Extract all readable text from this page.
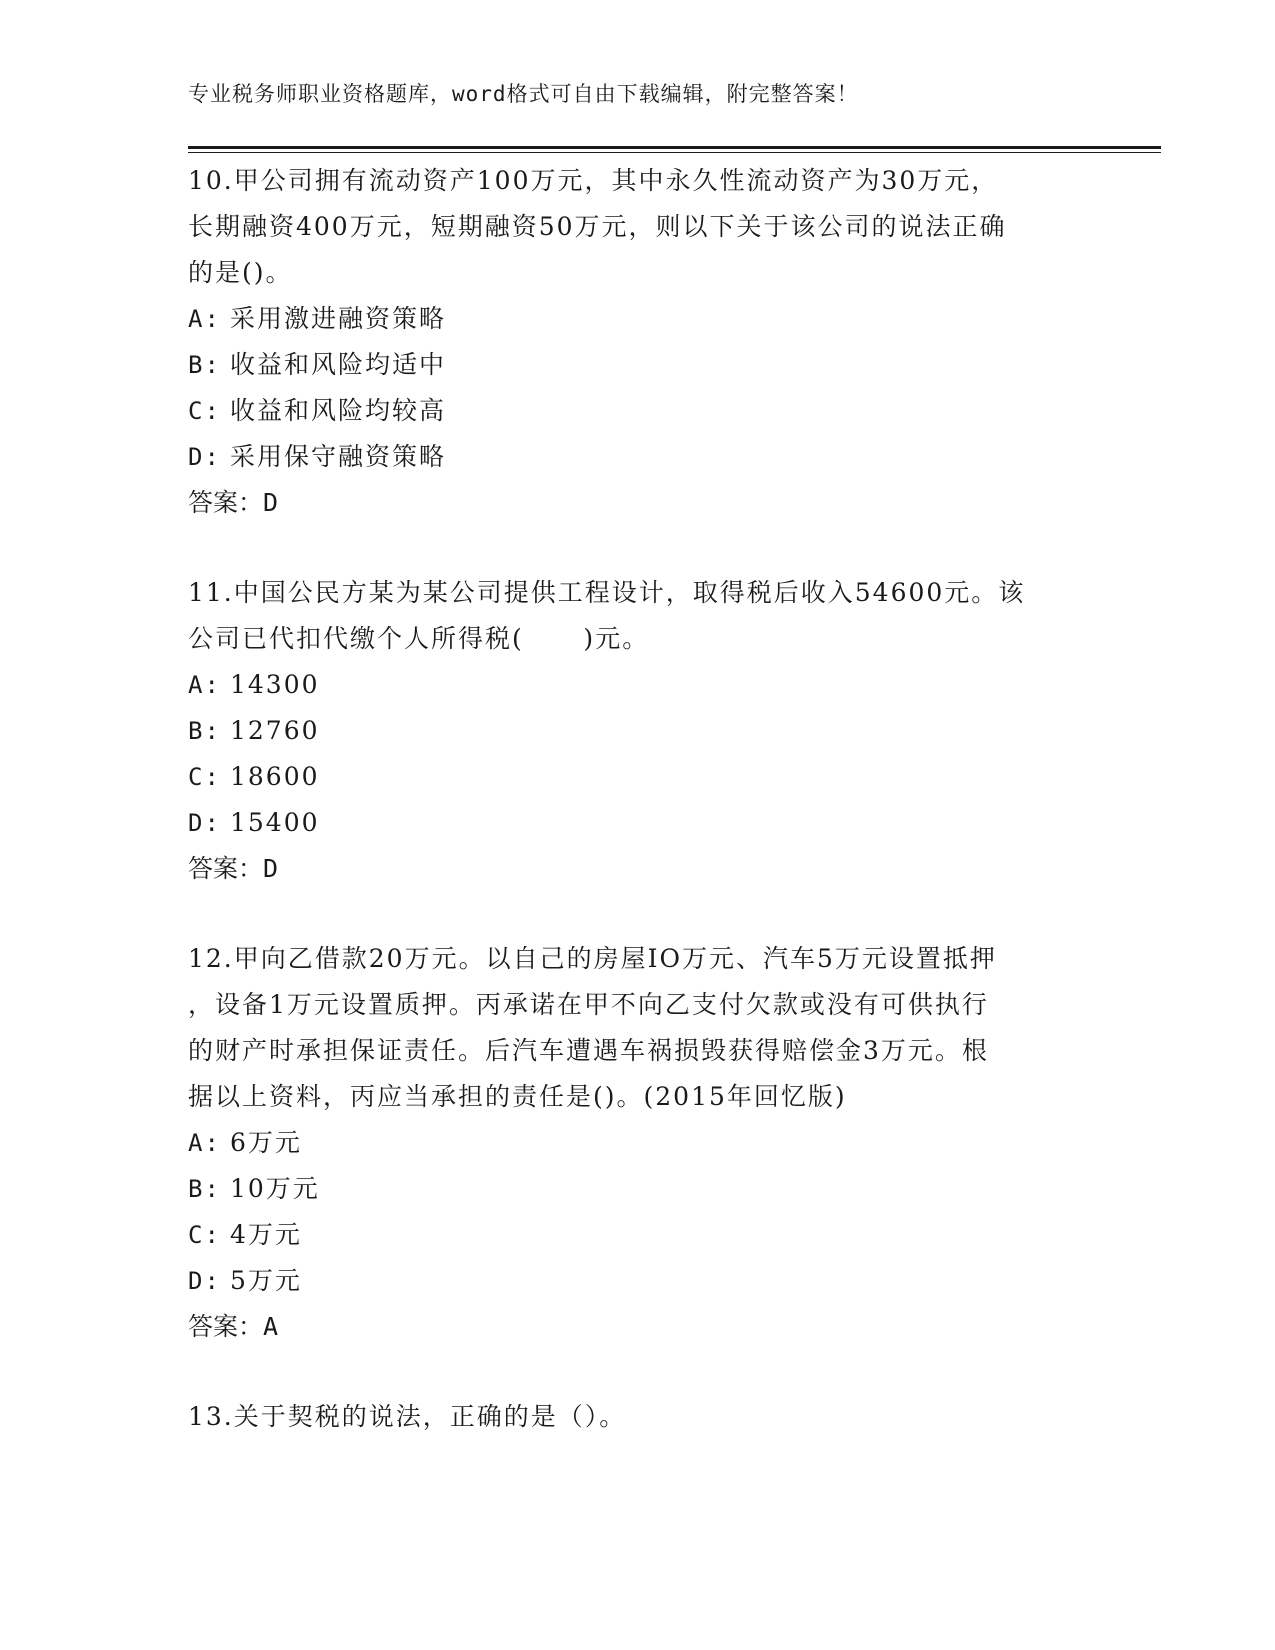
专业税务师职业资格题库，word格式可自由下载编辑，附完整答案！

10.甲公司拥有流动资产100万元，其中永久性流动资产为30万元，
长期融资400万元，短期融资50万元，则以下关于该公司的说法正确
的是()。

A: 采用激进融资策略

B: 收益和风险均适中

C: 收益和风险均较高

D: 采用保守融资策略

答案：D

11.中国公民方某为某公司提供工程设计，取得税后收入54600元。该
公司已代扣代缴个人所得税(      )元。

A: 14300

B: 12760

C: 18600

D: 15400

答案：D

12.甲向乙借款20万元。以自己的房屋IO万元、汽车5万元设置抵押
，设备1万元设置质押。丙承诺在甲不向乙支付欠款或没有可供执行
的财产时承担保证责任。后汽车遭遇车祸损毁获得赔偿金3万元。根
据以上资料，丙应当承担的责任是()。(2015年回忆版)

A: 6万元

B: 10万元

C: 4万元

D: 5万元

答案：A

13.关于契税的说法，正确的是（）。
